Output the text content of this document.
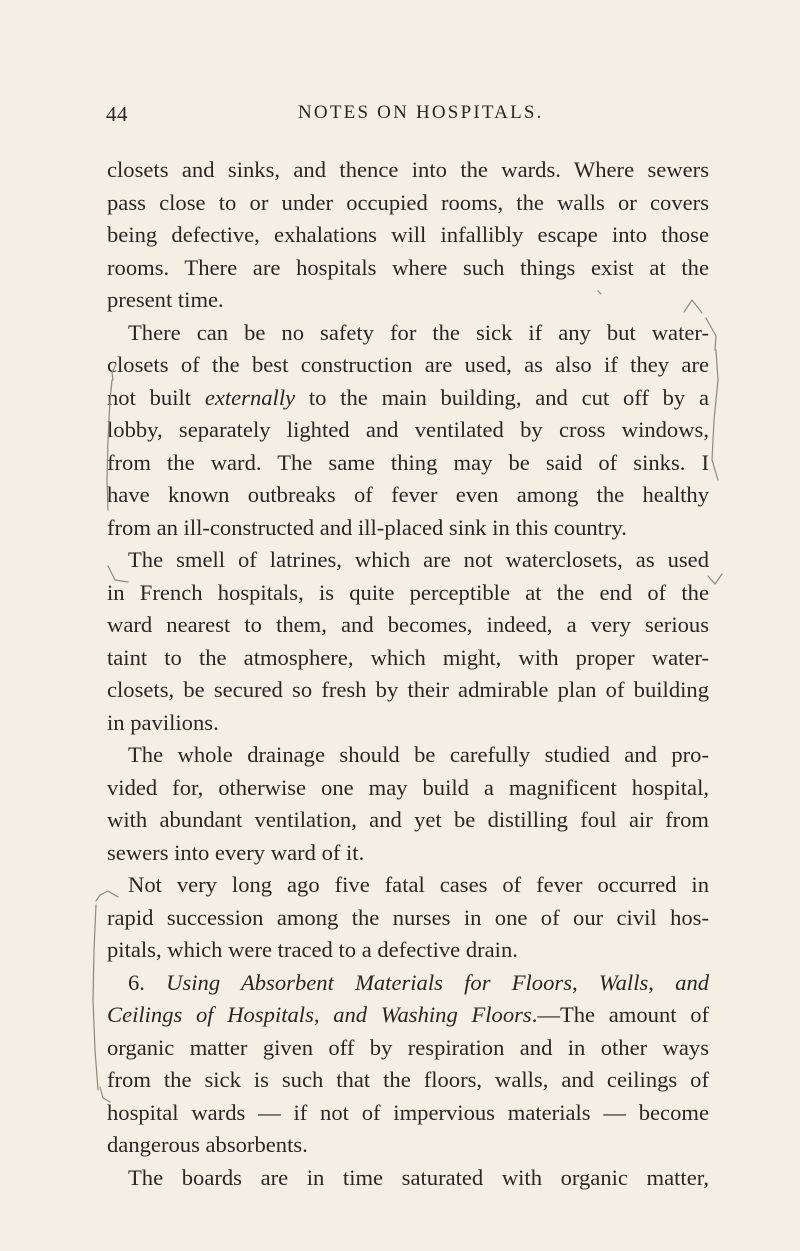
44	NOTES ON HOSPITALS.
closets and sinks, and thence into the wards. Where sewers
pass close to or under occupied rooms, the walls or covers
being defective, exhalations will infallibly escape into those
rooms. There are hospitals where such things exist at the
present time.
There can be no safety for the sick if any but water-
closets of the best construction are used, as also if they are
not built externally to the main building, and cut off by a
lobby, separately lighted and ventilated by cross windows,
from the ward. The same thing may be said of sinks. I
have known outbreaks of fever even among the healthy
from an ill-constructed and ill-placed sink in this country.
The smell of latrines, which are not waterclosets, as used
in French hospitals, is quite perceptible at the end of the
ward nearest to them, and becomes, indeed, a very serious
taint to the atmosphere, which might, with proper water-
closets, be secured so fresh by their admirable plan of building
in pavilions.
The whole drainage should be carefully studied and pro-
vided for, otherwise one may build a magnificent hospital,
with abundant ventilation, and yet be distilling foul air from
sewers into every ward of it.
Not very long ago five fatal cases of fever occurred in
rapid succession among the nurses in one of our civil hos-
pitals, which were traced to a defective drain.
6. Using Absorbent Materials for Floors, Walls, and
Ceilings of Hospitals, and Washing Floors.—The amount of
organic matter given off by respiration and in other ways
from the sick is such that the floors, walls, and ceilings of
hospital wards — if not of impervious materials — become
dangerous absorbents.
The boards are in time saturated with organic matter,
